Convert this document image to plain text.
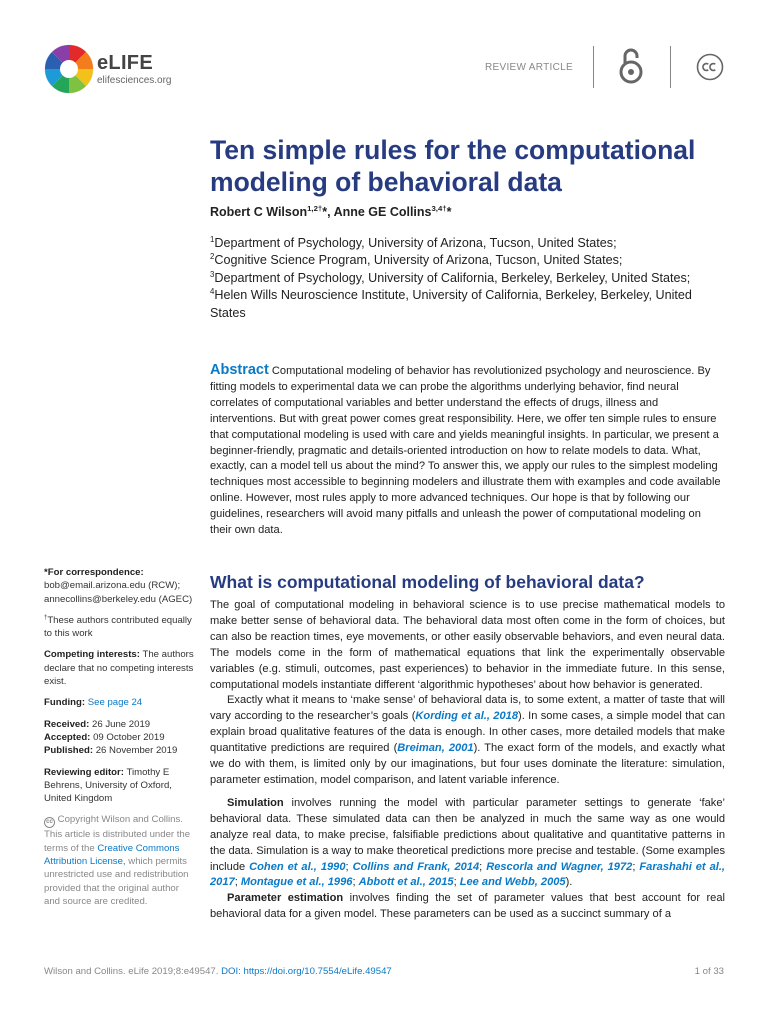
eLIFE
elifesciences.org
REVIEW ARTICLE
Ten simple rules for the computational modeling of behavioral data
Robert C Wilson$^{1,2\dagger}$*, Anne GE Collins$^{3,4\dagger}$*
$^1$Department of Psychology, University of Arizona, Tucson, United States;
$^2$Cognitive Science Program, University of Arizona, Tucson, United States;
$^3$Department of Psychology, University of California, Berkeley, Berkeley, United States; $^4$Helen Wills Neuroscience Institute, University of California, Berkeley, Berkeley, United States

Abstract Computational modeling of behavior has revolutionized psychology and neuroscience. By fitting models to experimental data we can probe the algorithms underlying behavior, find neural correlates of computational variables and better understand the effects of drugs, illness and interventions. But with great power comes great responsibility. Here, we offer ten simple rules to ensure that computational modeling is used with care and yields meaningful insights. In particular, we present a beginner-friendly, pragmatic and details-oriented introduction on how to relate models to data. What, exactly, can a model tell us about the mind? To answer this, we apply our rules to the simplest modeling techniques most accessible to beginning modelers and illustrate them with examples and code available online. However, most rules apply to more advanced techniques. Our hope is that by following our guidelines, researchers will avoid many pitfalls and unleash the power of computational modeling on their own data.

*For correspondence:
bob@email.arizona.edu (RCW);
annecollins@berkeley.edu (AGEC)
†These authors contributed equally to this work
Competing interests: The authors declare that no competing interests exist.
Funding: See page 24
Received: 26 June 2019
Accepted: 09 October 2019
Published: 26 November 2019
Reviewing editor: Timothy E Behrens, University of Oxford, United Kingdom
cc Copyright Wilson and Collins. This article is distributed under the terms of the Creative Commons Attribution License, which permits unrestricted use and redistribution provided that the original author and source are credited.
What is computational modeling of behavioral data?

The goal of computational modeling in behavioral science is to use precise mathematical models to make better sense of behavioral data. The behavioral data most often come in the form of choices, but can also be reaction times, eye movements, or other easily observable behaviors, and even neural data. The models come in the form of mathematical equations that link the experimentally observable variables (e.g. stimuli, outcomes, past experiences) to behavior in the immediate future. In this sense, computational models instantiate different ‘algorithmic hypotheses’ about how behavior is generated.

Exactly what it means to ‘make sense’ of behavioral data is, to some extent, a matter of taste that will vary according to the researcher’s goals (Kording et al., 2018). In some cases, a simple model that can explain broad qualitative features of the data is enough. In other cases, more detailed models that make quantitative predictions are required (Breiman, 2001). The exact form of the models, and exactly what we do with them, is limited only by our imaginations, but four uses dominate the literature: simulation, parameter estimation, model comparison, and latent variable inference.

Simulation involves running the model with particular parameter settings to generate ‘fake’ behavioral data. These simulated data can then be analyzed in much the same way as one would analyze real data, to make precise, falsifiable predictions about qualitative and quantitative patterns in the data. Simulation is a way to make theoretical predictions more precise and testable. (Some examples include Cohen et al., 1990; Collins and Frank, 2014; Rescorla and Wagner, 1972; Farashahi et al., 2017; Montague et al., 1996; Abbott et al., 2015; Lee and Webb, 2005).

Parameter estimation involves finding the set of parameter values that best account for real behavioral data for a given model. These parameters can be used as a succinct summary of a

Wilson and Collins. eLife 2019;8:e49547. DOI: https://doi.org/10.7554/eLife.49547	1 of 33
